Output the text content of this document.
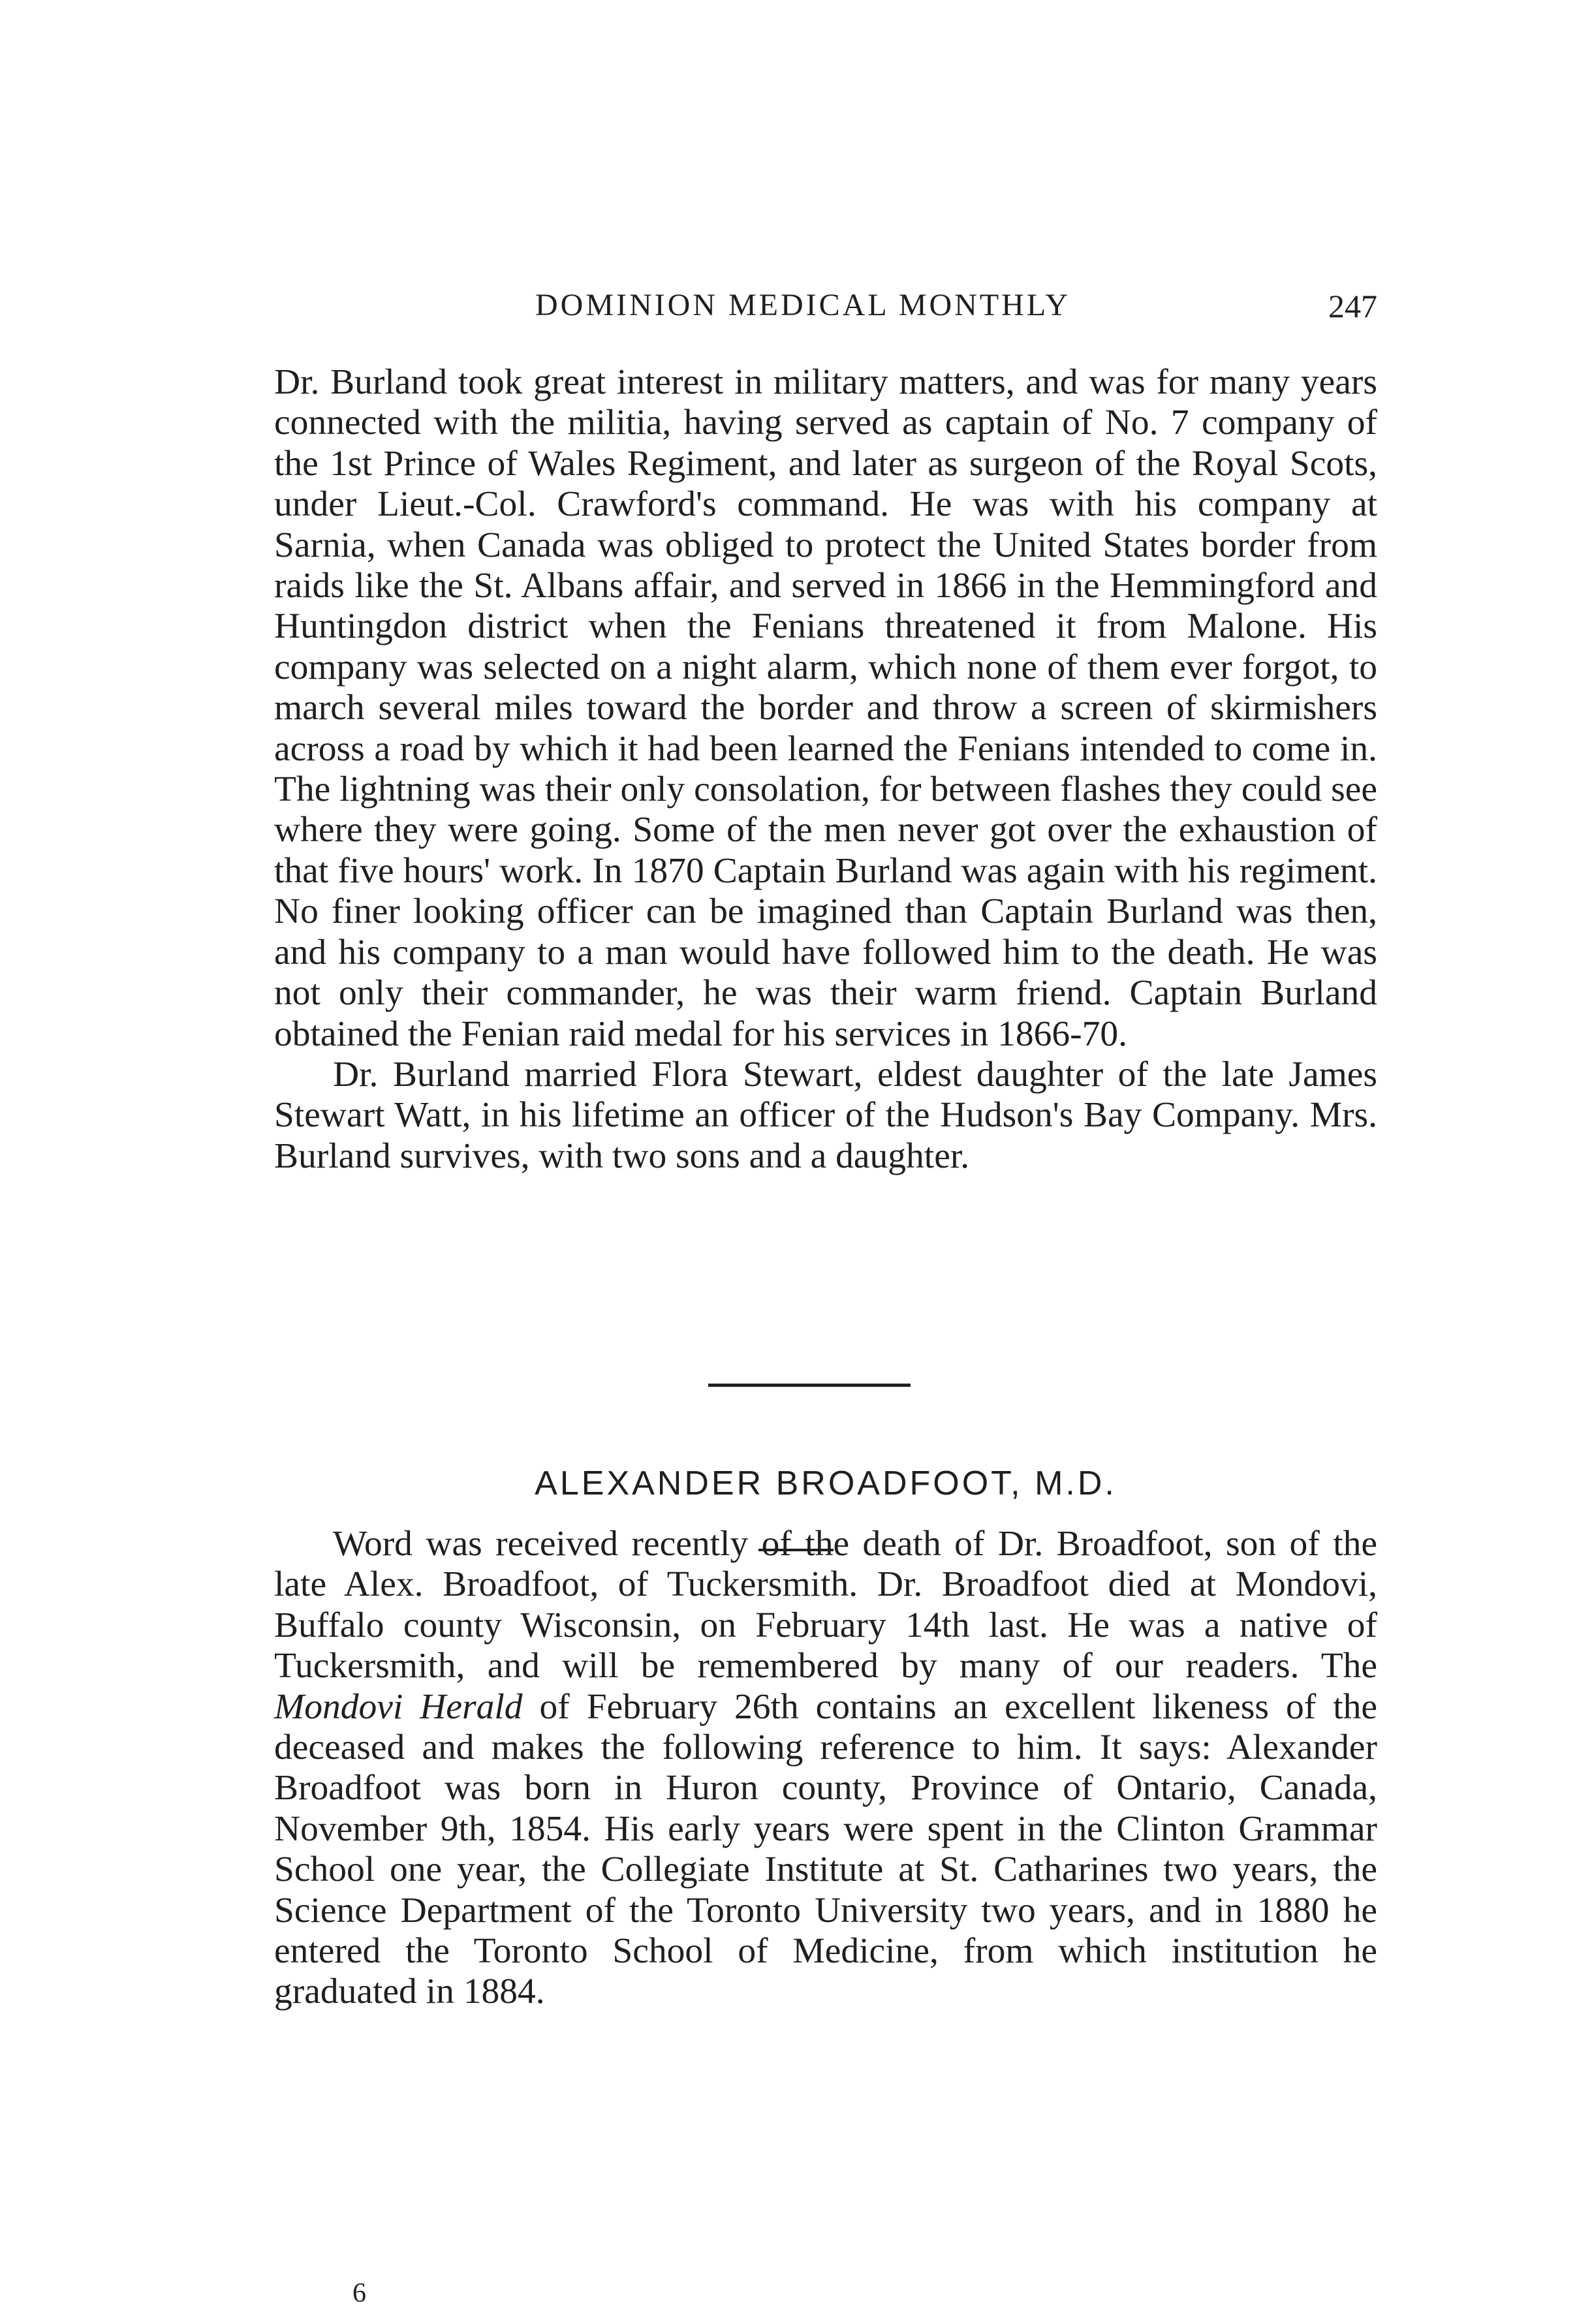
DOMINION MEDICAL MONTHLY	247

Dr. Burland took great interest in military matters, and was for many years connected with the militia, having served as captain of No. 7 company of the 1st Prince of Wales Regiment, and later as surgeon of the Royal Scots, under Lieut.-Col. Crawford's command. He was with his company at Sarnia, when Canada was obliged to protect the United States border from raids like the St. Albans affair, and served in 1866 in the Hemmingford and Huntingdon district when the Fenians threatened it from Malone. His company was selected on a night alarm, which none of them ever forgot, to march several miles toward the border and throw a screen of skirmishers across a road by which it had been learned the Fenians intended to come in. The lightning was their only consolation, for between flashes they could see where they were going. Some of the men never got over the exhaustion of that five hours' work. In 1870 Captain Burland was again with his regiment. No finer looking officer can be imagined than Captain Burland was then, and his company to a man would have followed him to the death. He was not only their commander, he was their warm friend. Captain Burland obtained the Fenian raid medal for his services in 1866-70.

Dr. Burland married Flora Stewart, eldest daughter of the late James Stewart Watt, in his lifetime an officer of the Hudson's Bay Company. Mrs. Burland survives, with two sons and a daughter.

ALEXANDER BROADFOOT, M.D.

Word was received recently of the death of Dr. Broadfoot, son of the late Alex. Broadfoot, of Tuckersmith. Dr. Broadfoot died at Mondovi, Buffalo county Wisconsin, on February 14th last. He was a native of Tuckersmith, and will be remembered by many of our readers. The Mondovi Herald of February 26th contains an excellent likeness of the deceased and makes the following reference to him. It says: Alexander Broadfoot was born in Huron county, Province of Ontario, Canada, November 9th, 1854. His early years were spent in the Clinton Grammar School one year, the Collegiate Institute at St. Catharines two years, the Science Department of the Toronto University two years, and in 1880 he entered the Toronto School of Medicine, from which institution he graduated in 1884.

6
